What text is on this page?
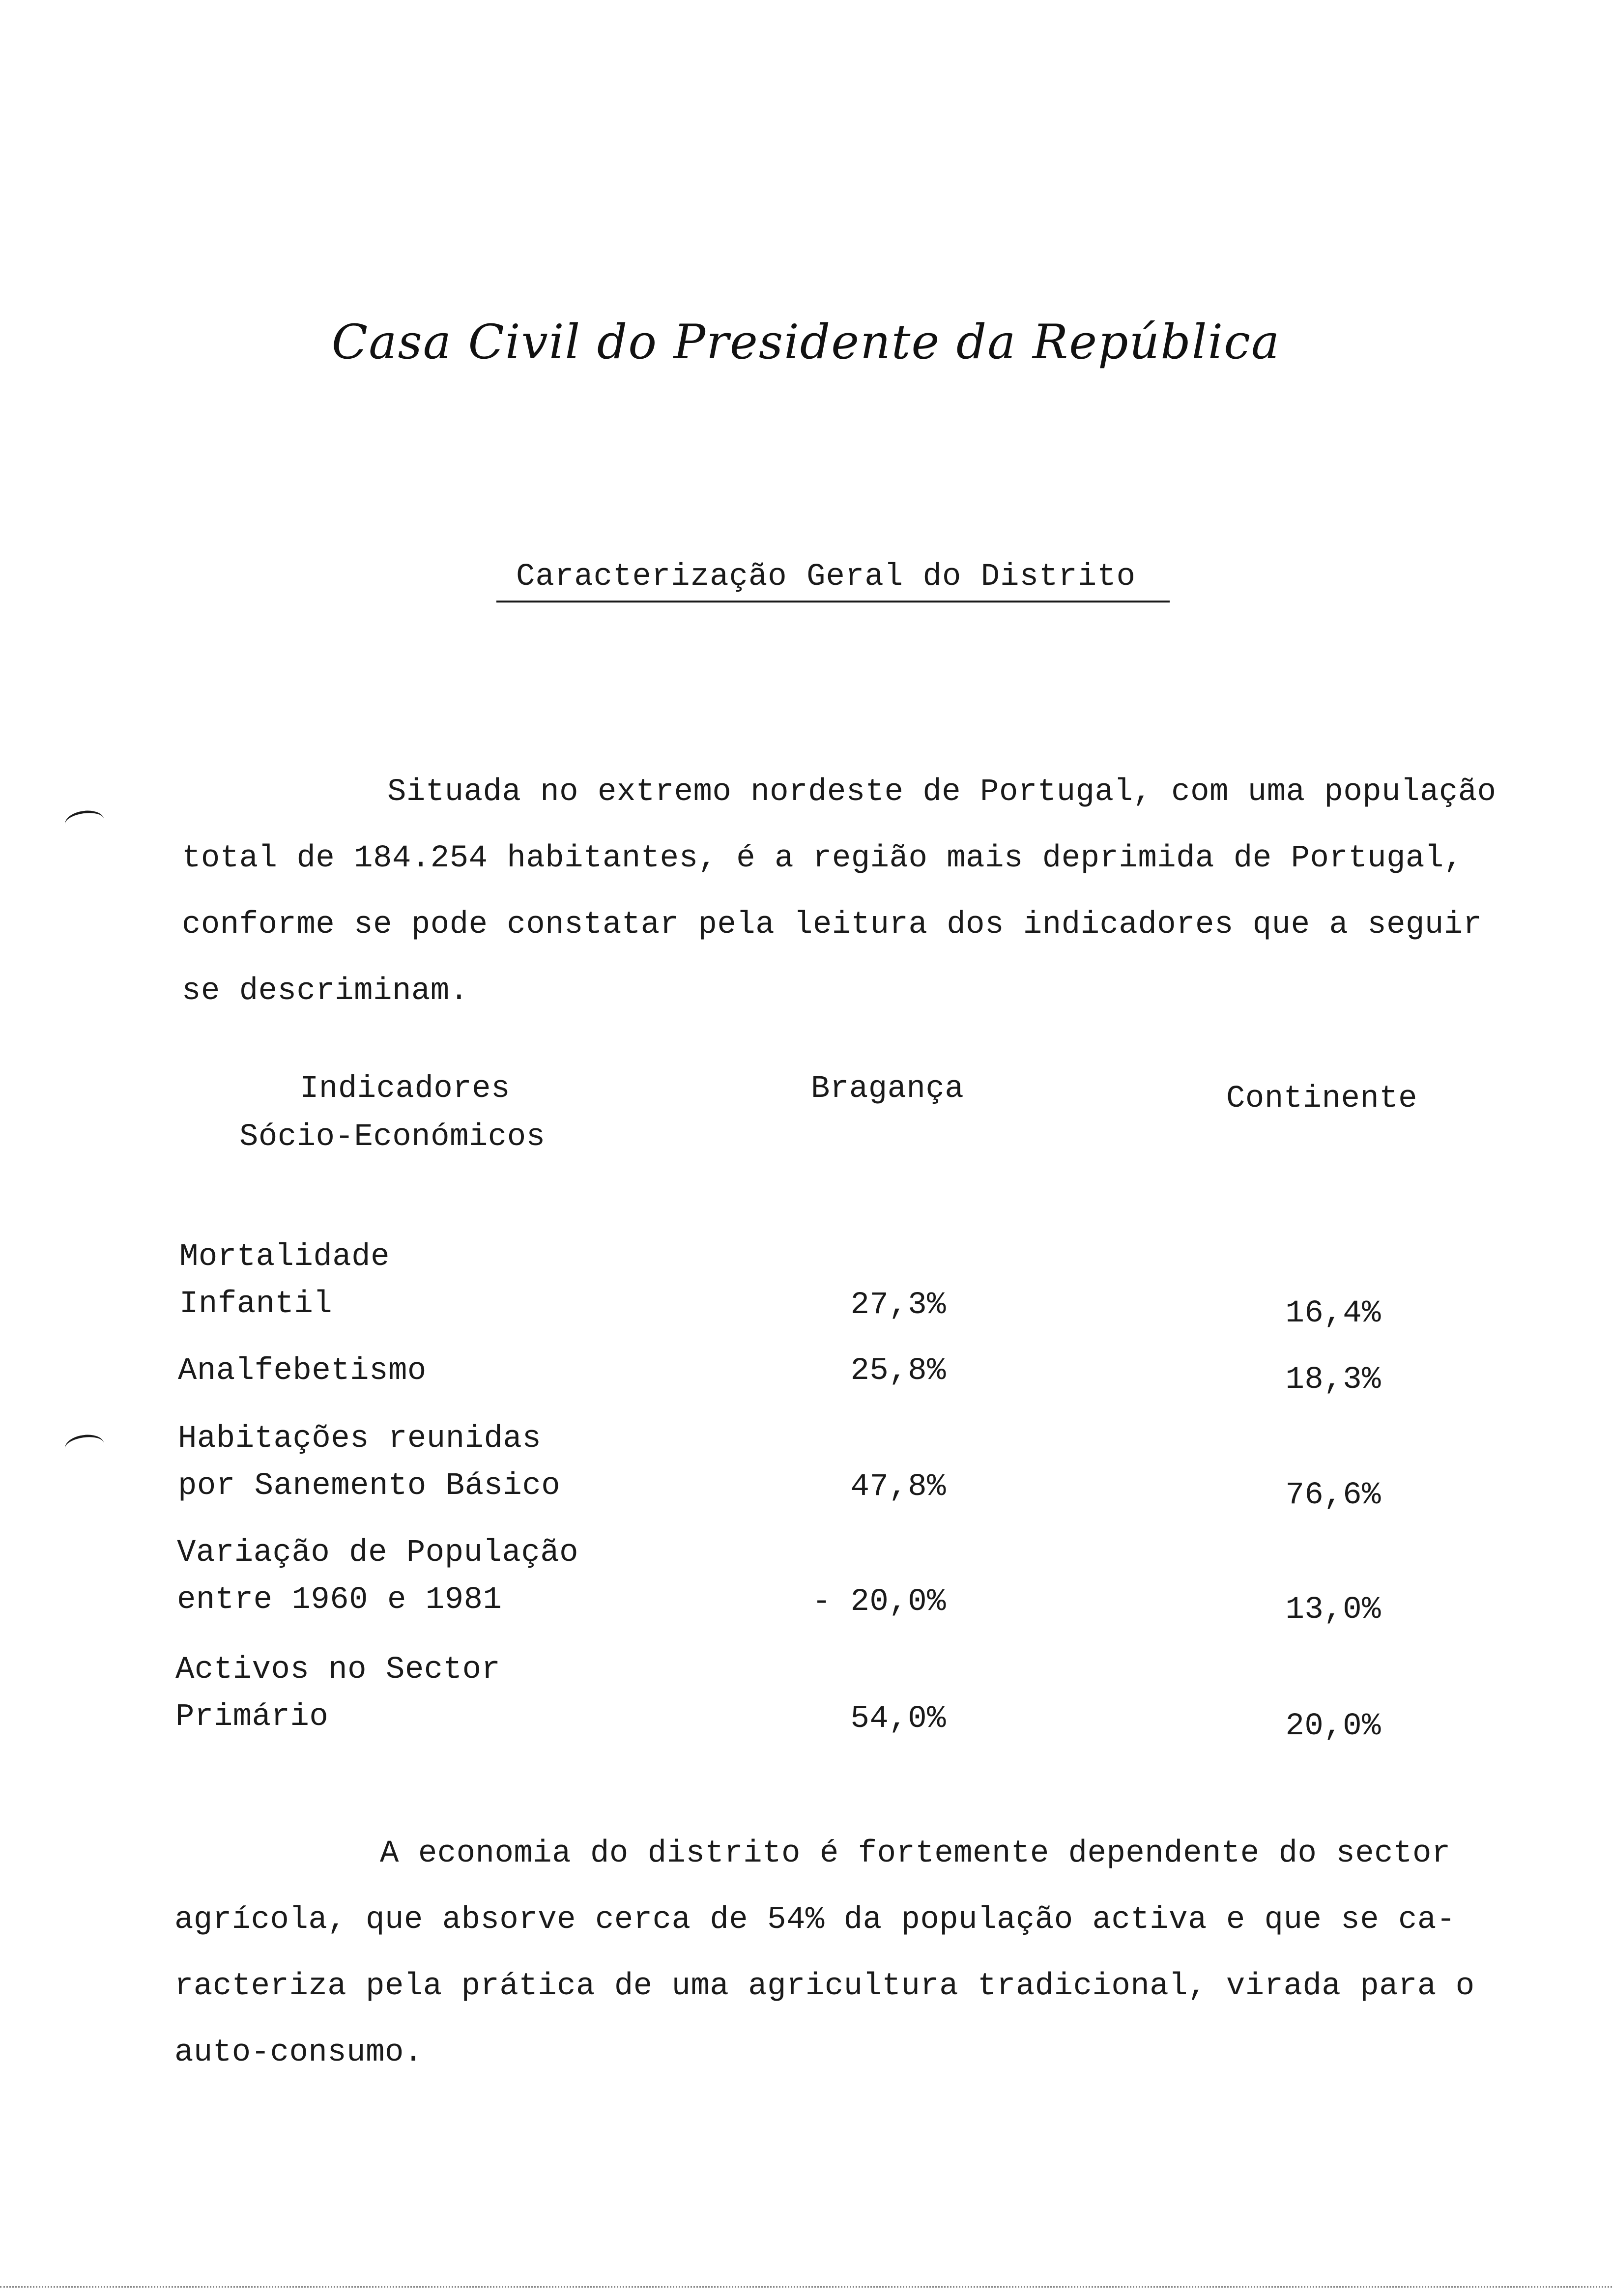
Casa Civil do Presidente da República
Caracterização Geral do Distrito
Situada no extremo nordeste de Portugal, com uma população
total de 184.254 habitantes, é a região mais deprimida de Portugal,
conforme se pode constatar pela leitura dos indicadores que a seguir
se descriminam.
Indicadores
Sócio-Económicos
Bragança	Continente
Mortalidade
Infantil	27,3%	16,4%
Analfebetismo	25,8%	18,3%
Habitações reunidas
por Sanemento Básico	47,8%	76,6%
Variação de População
entre 1960 e 1981	- 20,0%	13,0%
Activos no Sector
Primário	54,0%	20,0%
A economia do distrito é fortemente dependente do sector
agrícola, que absorve cerca de 54% da população activa e que se ca-
racteriza pela prática de uma agricultura tradicional, virada para o
auto-consumo.
